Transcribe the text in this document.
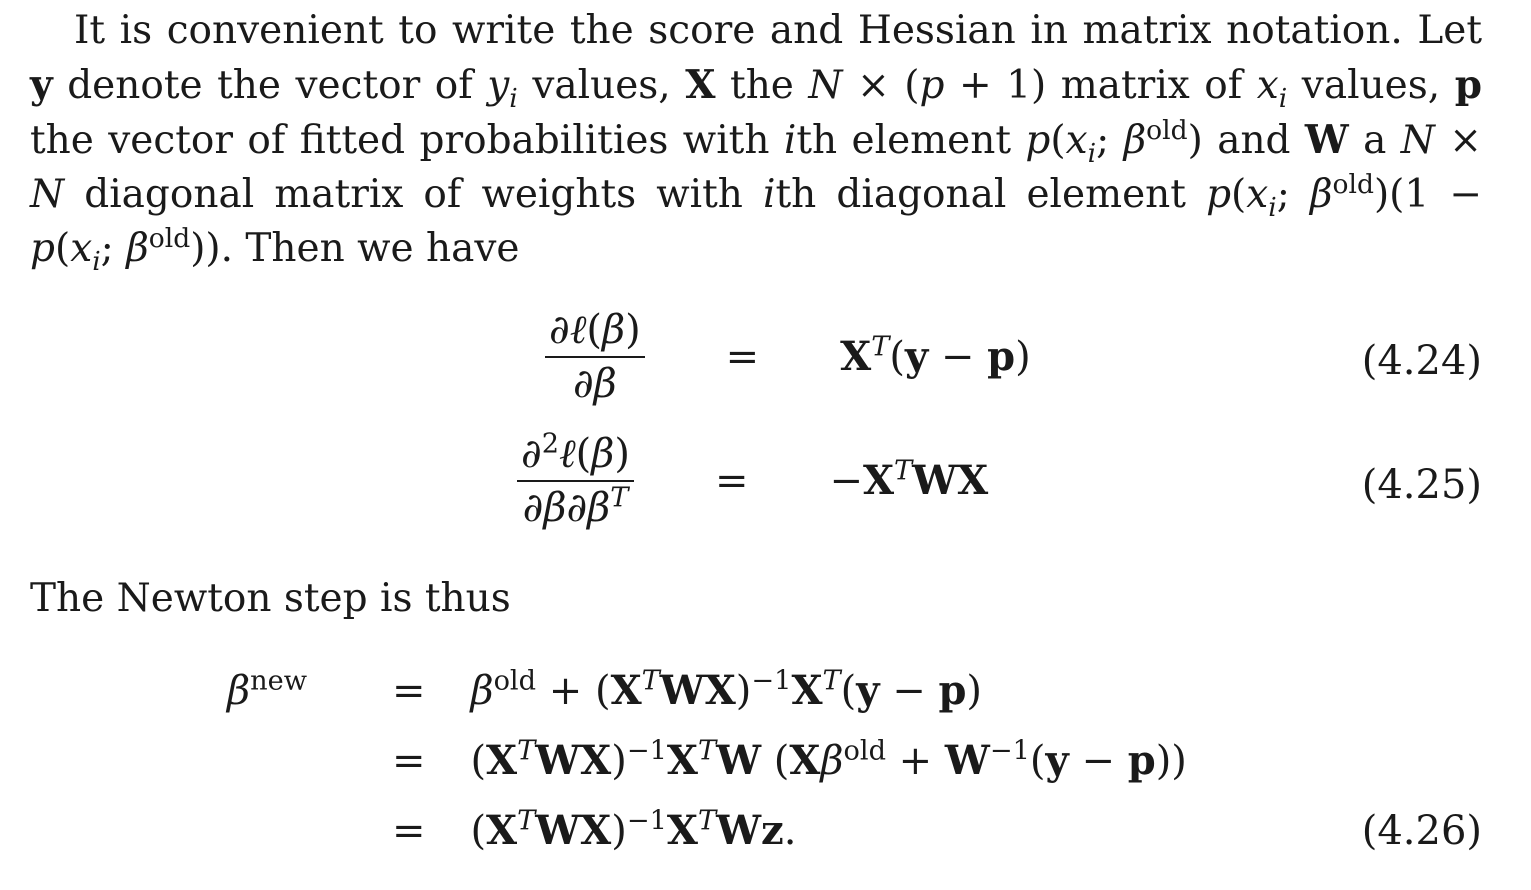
It is convenient to write the score and Hessian in matrix notation. Let y denote the vector of $y_i$ values, X the N × (p + 1) matrix of $x_i$ values, p the vector of fitted probabilities with ith element $p(x_i$; $\beta^{old}$) and W a N × N diagonal matrix of weights with ith diagonal element $p(x_i$; $\beta^{old})(1 - p(x_i$; $\beta^{old}$)). Then we have

$\frac{\text{∂ℓ(β)}}{\partial\beta} = X^T(y - p)$	(4.24)
$\frac{\partial^2\ell(\beta)}{\partial\beta\partial\beta^T} = -X^TWX$	(4.25)
The Newton step is thus
$\beta^{new} = \beta^{old} + (X^TWX)^{-1}X^T(y - p)$
= $(X^TWX)^{-1}X^TW$ $(X\beta^{old} + W^{-1}(y - p))$
= $(X^TWX)^{-1}X^TWz$.	(4.26)
